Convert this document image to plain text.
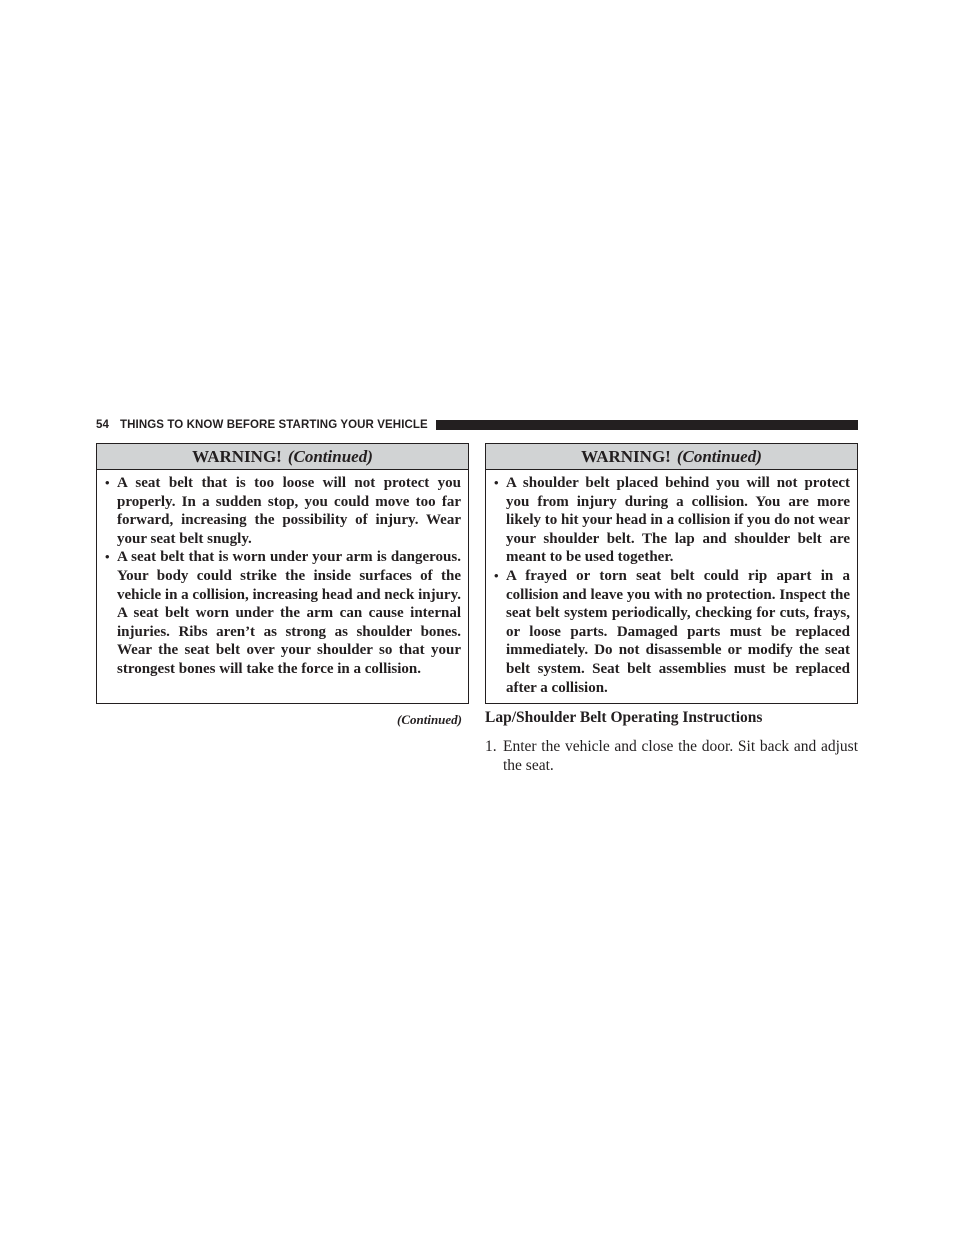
54 THINGS TO KNOW BEFORE STARTING YOUR VEHICLE
WARNING! (Continued)
• A seat belt that is too loose will not protect you properly. In a sudden stop, you could move too far forward, increasing the possibility of injury. Wear your seat belt snugly.
• A seat belt that is worn under your arm is dangerous. Your body could strike the inside surfaces of the vehicle in a collision, increasing head and neck injury. A seat belt worn under the arm can cause internal injuries. Ribs aren’t as strong as shoulder bones. Wear the seat belt over your shoulder so that your strongest bones will take the force in a collision.
(Continued)
WARNING! (Continued)
• A shoulder belt placed behind you will not protect you from injury during a collision. You are more likely to hit your head in a collision if you do not wear your shoulder belt. The lap and shoulder belt are meant to be used together.
• A frayed or torn seat belt could rip apart in a collision and leave you with no protection. Inspect the seat belt system periodically, checking for cuts, frays, or loose parts. Damaged parts must be replaced immediately. Do not disassemble or modify the seat belt system. Seat belt assemblies must be replaced after a collision.
Lap/Shoulder Belt Operating Instructions
1. Enter the vehicle and close the door. Sit back and adjust the seat.
